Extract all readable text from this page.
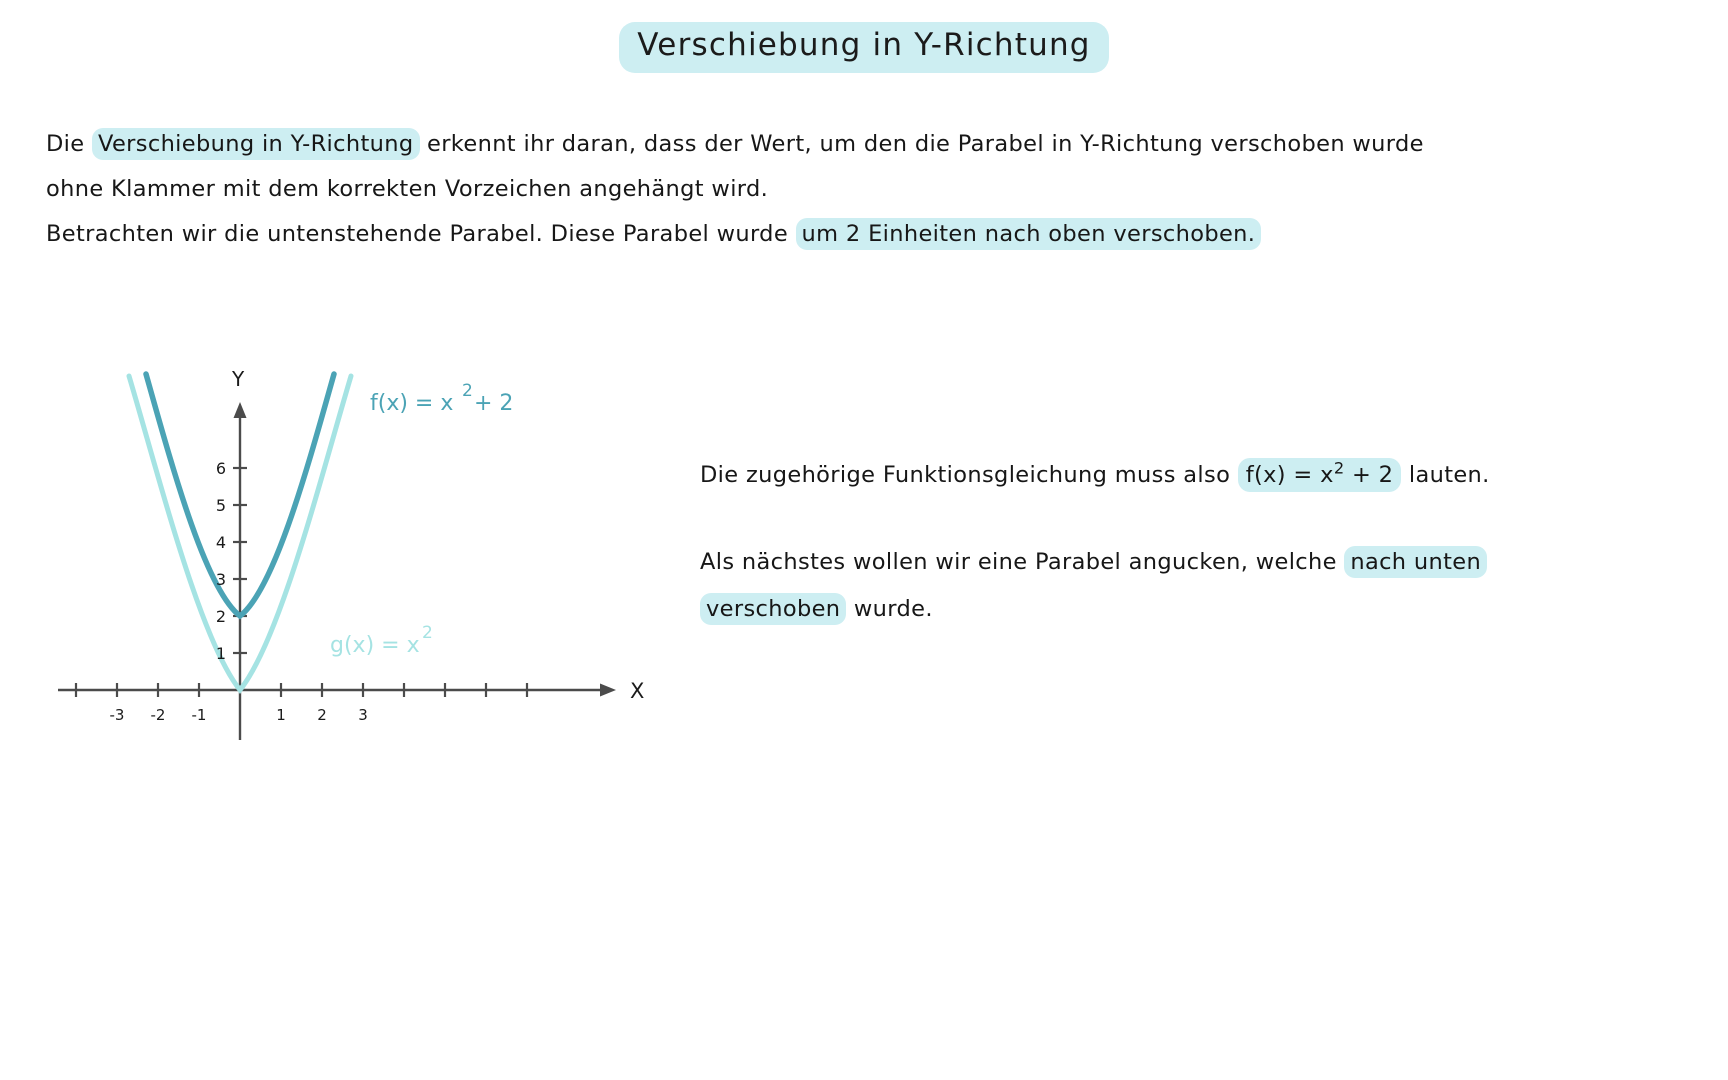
Verschiebung in Y-Richtung
Die Verschiebung in Y-Richtung erkennt ihr daran, dass der Wert, um den die Parabel in Y-Richtung verschoben wurde
ohne Klammer mit dem korrekten Vorzeichen angehängt wird.
Betrachten wir die untenstehende Parabel. Diese Parabel wurde um 2 Einheiten nach oben verschoben.
Y
X
-3 -2 -1	1 2 3
1
2
3
4
5
6
f(x) = x 2 + 2
g(x) = x 2
Die zugehörige Funktionsgleichung muss also $f(x) = x^2 + 2$ lauten.
Als nächstes wollen wir eine Parabel angucken, welche nach unten verschoben wurde.
